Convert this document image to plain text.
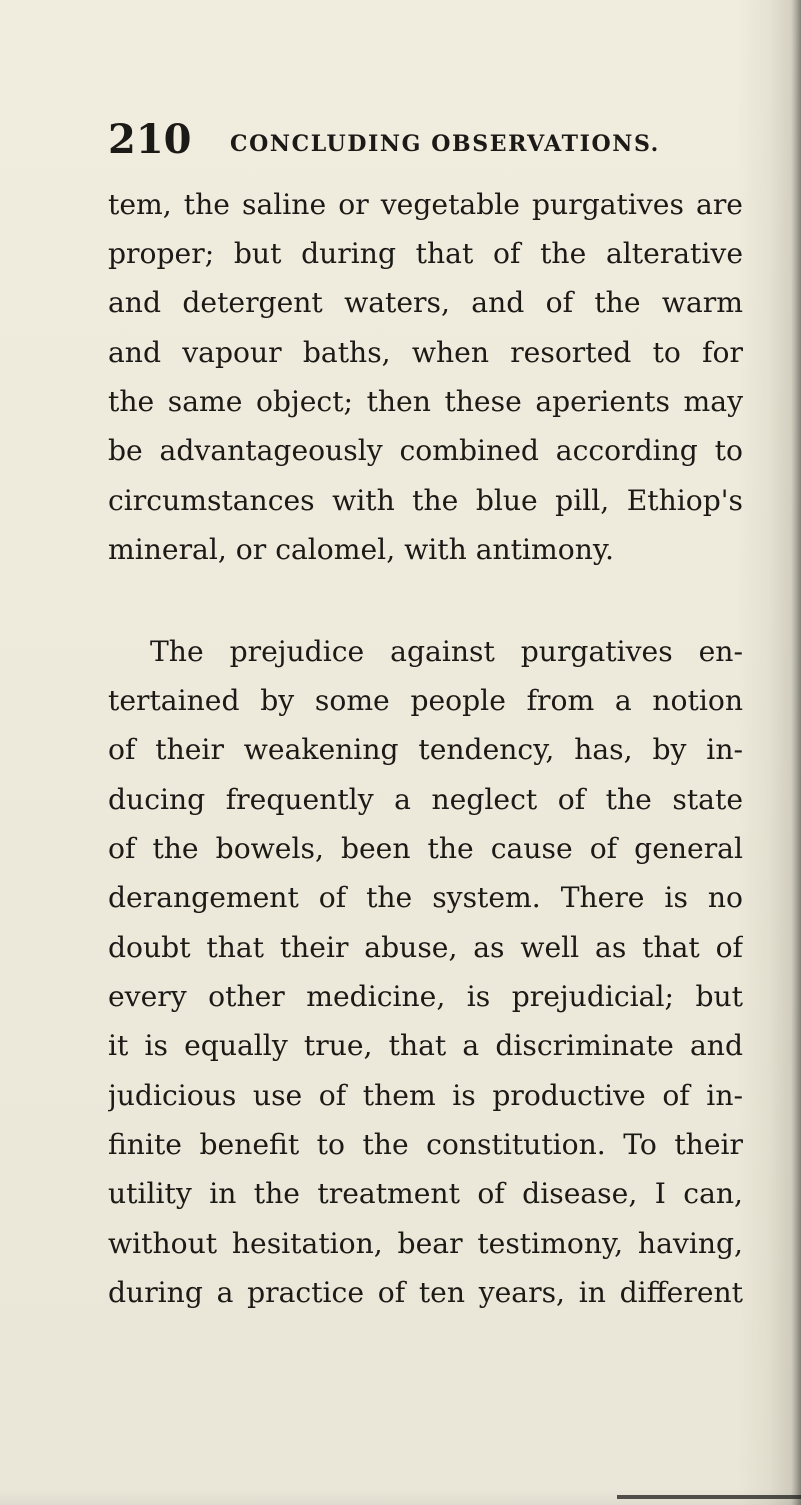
210 CONCLUDING OBSERVATIONS.
tem, the saline or vegetable purgatives are
proper; but during that of the alterative
and detergent waters, and of the warm
and vapour baths, when resorted to for
the same object; then these aperients may
be advantageously combined according to
circumstances with the blue pill, Ethiop's
mineral, or calomel, with antimony.
The prejudice against purgatives en-
tertained by some people from a notion
of their weakening tendency, has, by in-
ducing frequently a neglect of the state
of the bowels, been the cause of general
derangement of the system. There is no
doubt that their abuse, as well as that of
every other medicine, is prejudicial; but
it is equally true, that a discriminate and
judicious use of them is productive of in-
finite benefit to the constitution. To their
utility in the treatment of disease, I can,
without hesitation, bear testimony, having,
during a practice of ten years, in different
